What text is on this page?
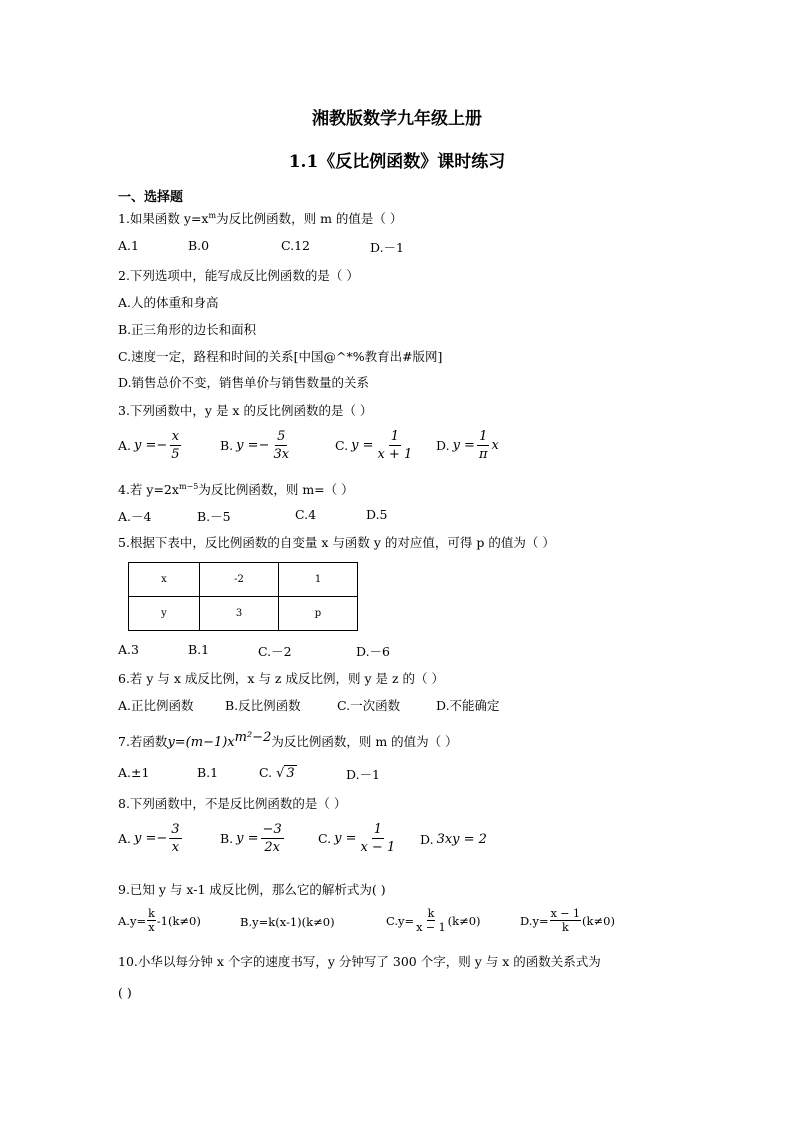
湘教版数学九年级上册
1.1《反比例函数》课时练习
一、选择题
1.如果函数 $y=x^m$为反比例函数，则 m 的值是（ ）
A.1	B.0	C.12	D.－1
2.下列选项中，能写成反比例函数的是（ ）
A.人的体重和身高
B.正三角形的边长和面积
C.速度一定，路程和时间的关系[中国@^*%教育出#版网]
D.销售总价不变，销售单价与销售数量的关系
3.下列函数中，y 是 x 的反比例函数的是（ ）
A. y = − $\frac{x}{5}$	B. y = − $\frac{5}{3x}$	C. $y = \frac{1}{x + 1} D$. $y = \frac{1}{\pi}$ x
4.若 $y=2x^{m-5}$为反比例函数，则 m=（ ）
A.－4	B.－5	C.4	D.5
5.根据下表中，反比例函数的自变量 x 与函数 y 的对应值，可得 p 的值为（ ）
x	-2	1
y	3	p
A.3	B.1	C.－2	D.－6
6.若 y 与 x 成反比例，x 与 z 成反比例，则 y 是 z 的（ ）
A.正比例函数	B.反比例函数	C.一次函数	D.不能确定
7.若函数$y=(m-1)x^{m^2-2}$为反比例函数，则 m 的值为（ ）
A.±1	B.1	C. √ 3	D.－1
8.下列函数中，不是反比例函数的是（ ）
A. y = − $\frac{3}{x}$	B. $y = \frac{-3}{2x}$	C. $y = \frac{1}{x - 1} D$. 3xy = 2
9.已知 y 与 x-1 成反比例，那么它的解析式为( )
$A.y= \frac{k}{x} -1(k\ne 0)$	B.y=k(x-1)(k≠0)	$C.y= \frac{k}{x - 1} (k\ne 0)$	$D.y= \frac{x - 1}{k} (k\ne 0)$
10.小华以每分钟 x 个字的速度书写，y 分钟写了 300 个字，则 y 与 x 的函数关系式为
( )
